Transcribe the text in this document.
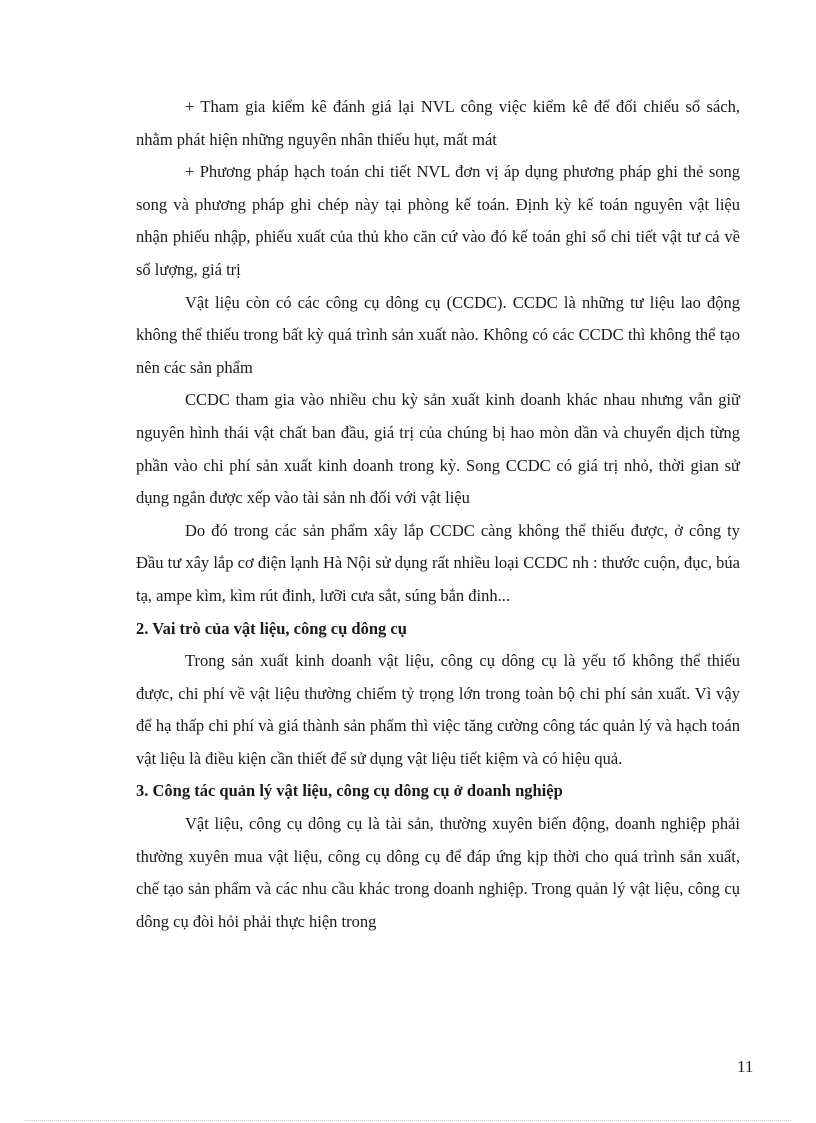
+ Tham gia kiểm kê đánh giá lại NVL công việc kiểm kê để đối chiếu sổ sách, nhằm phát hiện những nguyên nhân thiếu hụt, mất mát

+ Phương pháp hạch toán chi tiết NVL đơn vị áp dụng phương pháp ghi thẻ song song và phương pháp ghi chép này tại phòng kế toán. Định kỳ kế toán nguyên vật liệu nhận phiếu nhập, phiếu xuất của thủ kho căn cứ vào đó kế toán ghi sổ chi tiết vật tư cả về số lượng, giá trị

Vật liệu còn có các công cụ dông cụ (CCDC). CCDC là những tư liệu lao động không thể thiếu trong bất kỳ quá trình sản xuất nào. Không có các CCDC thì không thể tạo nên các sản phẩm

CCDC tham gia vào nhiều chu kỳ sản xuất kinh doanh khác nhau nhưng vẫn giữ nguyên hình thái vật chất ban đầu, giá trị của chúng bị hao mòn dần và chuyển dịch từng phần vào chi phí sản xuất kinh doanh trong kỳ. Song CCDC có giá trị nhỏ, thời gian sử dụng ngắn được xếp vào tài sản nh đối với vật liệu

Do đó trong các sản phẩm xây lắp CCDC càng không thể thiếu được, ở công ty Đầu tư xây lắp cơ điện lạnh Hà Nội sử dụng rất nhiều loại CCDC nh : thước cuộn, đục, búa tạ, ampe kìm, kìm rút đinh, lưỡi cưa sắt, súng bắn đinh...

2. Vai trò của vật liệu, công cụ dông cụ

Trong sản xuất kinh doanh vật liệu, công cụ dông cụ là yếu tố không thể thiếu được, chi phí về vật liệu thường chiếm tỷ trọng lớn trong toàn bộ chi phí sản xuất. Vì vậy để hạ thấp chi phí và giá thành sản phẩm thì việc tăng cường công tác quản lý và hạch toán vật liệu là điều kiện cần thiết để sử dụng vật liệu tiết kiệm và có hiệu quả.

3. Công tác quản lý vật liệu, công cụ dông cụ ở doanh nghiệp

Vật liệu, công cụ dông cụ là tài sản, thường xuyên biến động, doanh nghiệp phải thường xuyên mua vật liệu, công cụ dông cụ để đáp ứng kịp thời cho quá trình sản xuất, chế tạo sản phẩm và các nhu cầu khác trong doanh nghiệp. Trong quản lý vật liệu, công cụ dông cụ đòi hỏi phải thực hiện trong

11
